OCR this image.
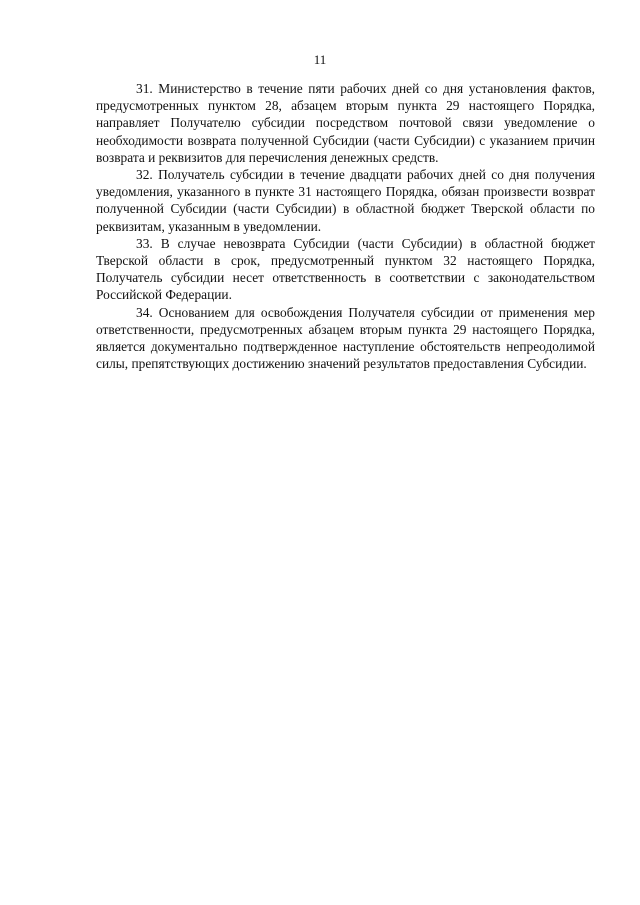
11

31. Министерство в течение пяти рабочих дней со дня установления фактов, предусмотренных пунктом 28, абзацем вторым пункта 29 настоящего Порядка, направляет Получателю субсидии посредством почтовой связи уведомление о необходимости возврата полученной Субсидии (части Субсидии) с указанием причин возврата и реквизитов для перечисления денежных средств.

32. Получатель субсидии в течение двадцати рабочих дней со дня получения уведомления, указанного в пункте 31 настоящего Порядка, обязан произвести возврат полученной Субсидии (части Субсидии) в областной бюджет Тверской области по реквизитам, указанным в уведомлении.

33. В случае невозврата Субсидии (части Субсидии) в областной бюджет Тверской области в срок, предусмотренный пунктом 32 настоящего Порядка, Получатель субсидии несет ответственность в соответствии с законодательством Российской Федерации.

34. Основанием для освобождения Получателя субсидии от применения мер ответственности, предусмотренных абзацем вторым пункта 29 настоящего Порядка, является документально подтвержденное наступление обстоятельств непреодолимой силы, препятствующих достижению значений результатов предоставления Субсидии.
